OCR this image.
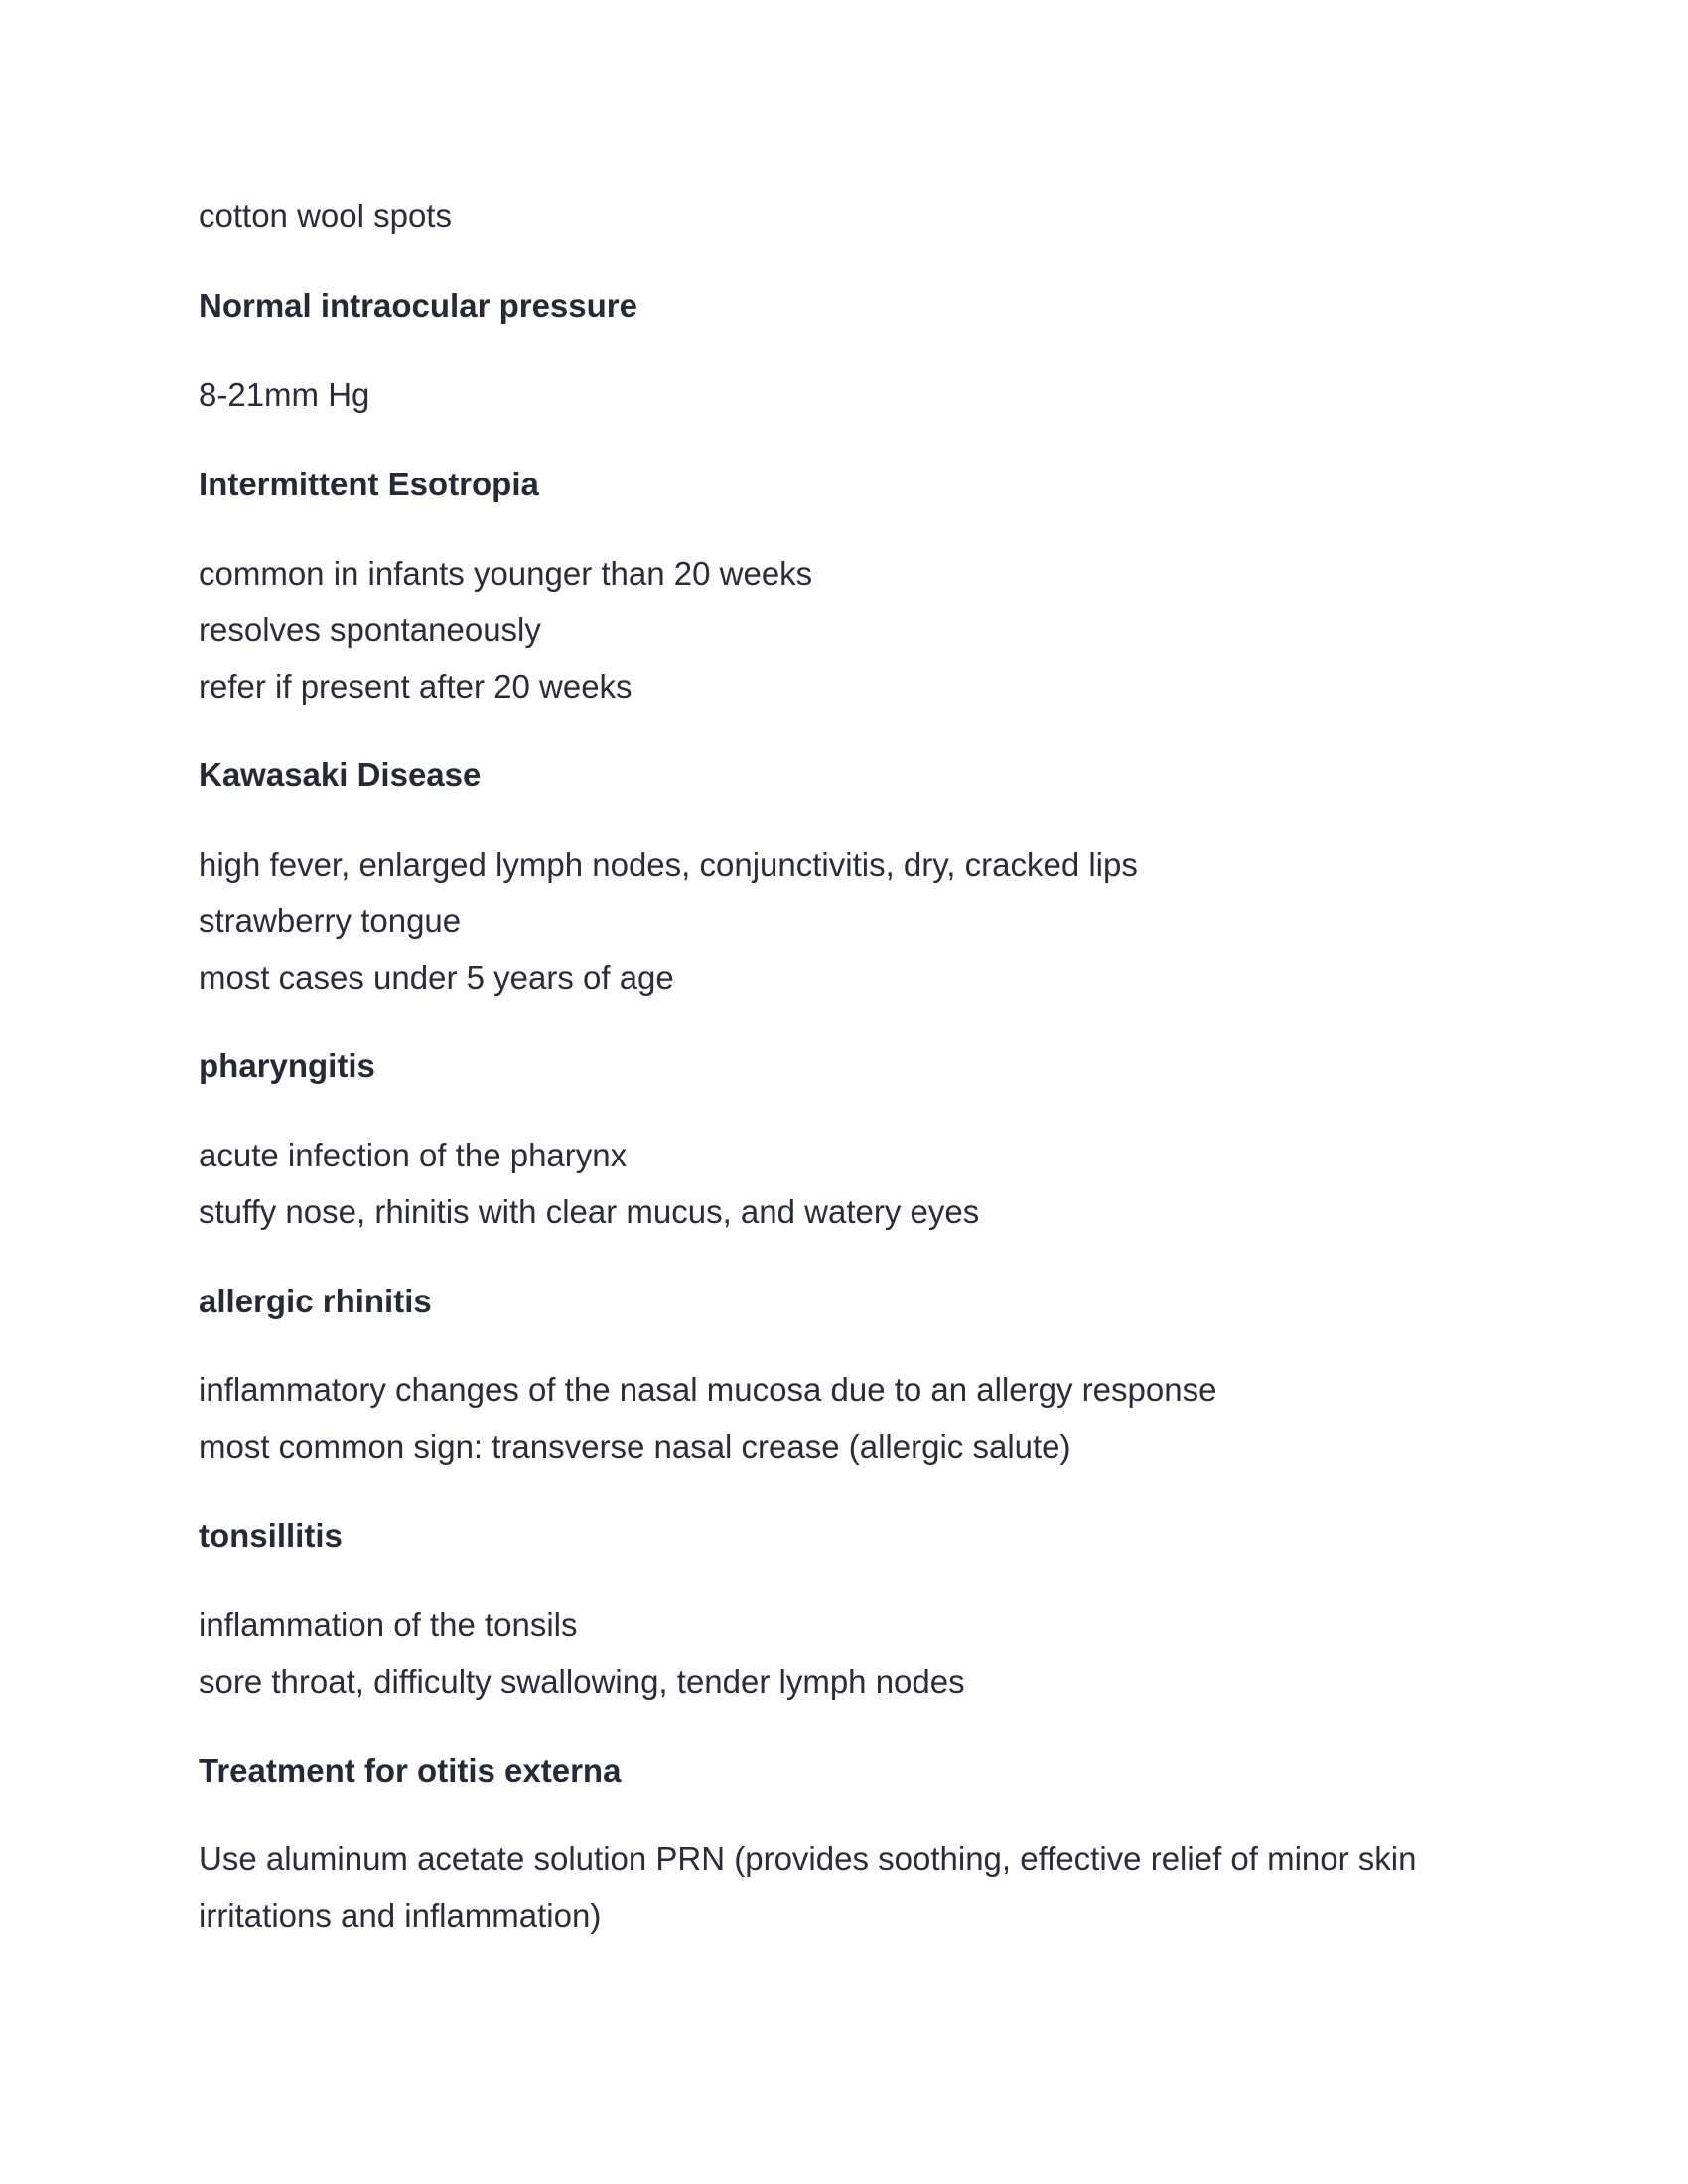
cotton wool spots
Normal intraocular pressure
8-21mm Hg
Intermittent Esotropia
common in infants younger than 20 weeks
resolves spontaneously
refer if present after 20 weeks
Kawasaki Disease
high fever, enlarged lymph nodes, conjunctivitis, dry, cracked lips
strawberry tongue
most cases under 5 years of age
pharyngitis
acute infection of the pharynx
stuffy nose, rhinitis with clear mucus, and watery eyes
allergic rhinitis
inflammatory changes of the nasal mucosa due to an allergy response
most common sign: transverse nasal crease (allergic salute)
tonsillitis
inflammation of the tonsils
sore throat, difficulty swallowing, tender lymph nodes
Treatment for otitis externa
Use aluminum acetate solution PRN (provides soothing, effective relief of minor skin
irritations and inflammation)
